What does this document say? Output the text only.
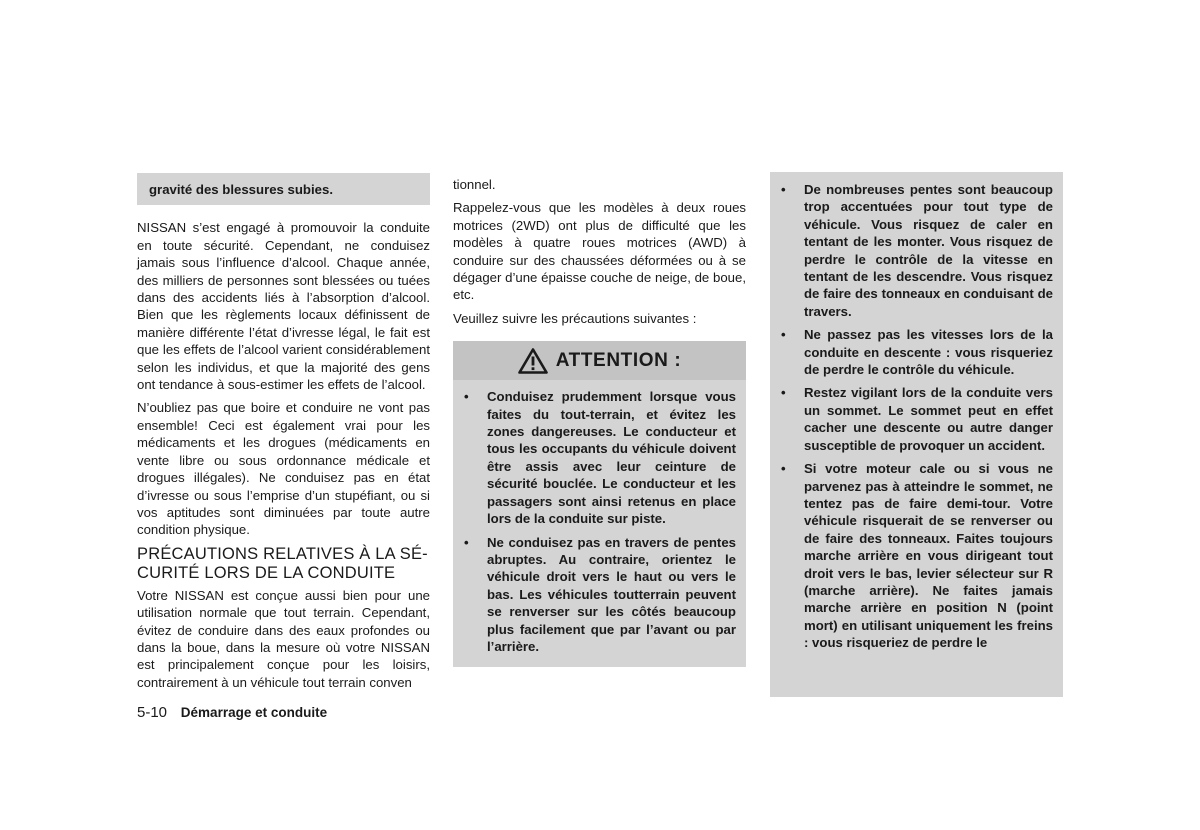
gravité des blessures subies.

NISSAN s’est engagé à promouvoir la conduite en toute sécurité. Cependant, ne conduisez jamais sous l’influence d’alcool. Chaque année, des milliers de personnes sont blessées ou tuées dans des accidents liés à l’absorption d’alcool. Bien que les règlements locaux définissent de manière différente l’état d’ivresse légal, le fait est que les effets de l’alcool varient considérablement selon les individus, et que la majorité des gens ont tendance à sous-estimer les effets de l’alcool.

N’oubliez pas que boire et conduire ne vont pas ensemble! Ceci est également vrai pour les médicaments et les drogues (médicaments en vente libre ou sous ordonnance médicale et drogues illégales). Ne conduisez pas en état d’ivresse ou sous l’emprise d’un stupéfiant, ou si vos aptitudes sont diminuées par toute autre condition physique.

PRÉCAUTIONS RELATIVES À LA SÉCURITÉ LORS DE LA CONDUITE

Votre NISSAN est conçue aussi bien pour une utilisation normale que tout terrain. Cependant, évitez de conduire dans des eaux profondes ou dans la boue, dans la mesure où votre NISSAN est principalement conçue pour les loisirs, contrairement à un véhicule tout terrain conven

tionnel.

Rappelez-vous que les modèles à deux roues motrices (2WD) ont plus de difficulté que les modèles à quatre roues motrices (AWD) à conduire sur des chaussées déformées ou à se dégager d’une épaisse couche de neige, de boue, etc.

Veuillez suivre les précautions suivantes :

ATTENTION :
• Conduisez prudemment lorsque vous faites du tout-terrain, et évitez les zones dangereuses. Le conducteur et tous les occupants du véhicule doivent être assis avec leur ceinture de sécurité bouclée. Le conducteur et les passagers sont ainsi retenus en place lors de la conduite sur piste.
• Ne conduisez pas en travers de pentes abruptes. Au contraire, orientez le véhicule droit vers le haut ou vers le bas. Les véhicules toutterrain peuvent se renverser sur les côtés beaucoup plus facilement que par l’avant ou par l’arrière.
• De nombreuses pentes sont beaucoup trop accentuées pour tout type de véhicule. Vous risquez de caler en tentant de les monter. Vous risquez de perdre le contrôle de la vitesse en tentant de les descendre. Vous risquez de faire des tonneaux en conduisant de travers.
• Ne passez pas les vitesses lors de la conduite en descente : vous risqueriez de perdre le contrôle du véhicule.
• Restez vigilant lors de la conduite vers un sommet. Le sommet peut en effet cacher une descente ou autre danger susceptible de provoquer un accident.
• Si votre moteur cale ou si vous ne parvenez pas à atteindre le sommet, ne tentez pas de faire demi-tour. Votre véhicule risquerait de se renverser ou de faire des tonneaux. Faites toujours marche arrière en vous dirigeant tout droit vers le bas, levier sélecteur sur R (marche arrière). Ne faites jamais marche arrière en position N (point mort) en utilisant uniquement les freins : vous risqueriez de perdre le
5-10 Démarrage et conduite
